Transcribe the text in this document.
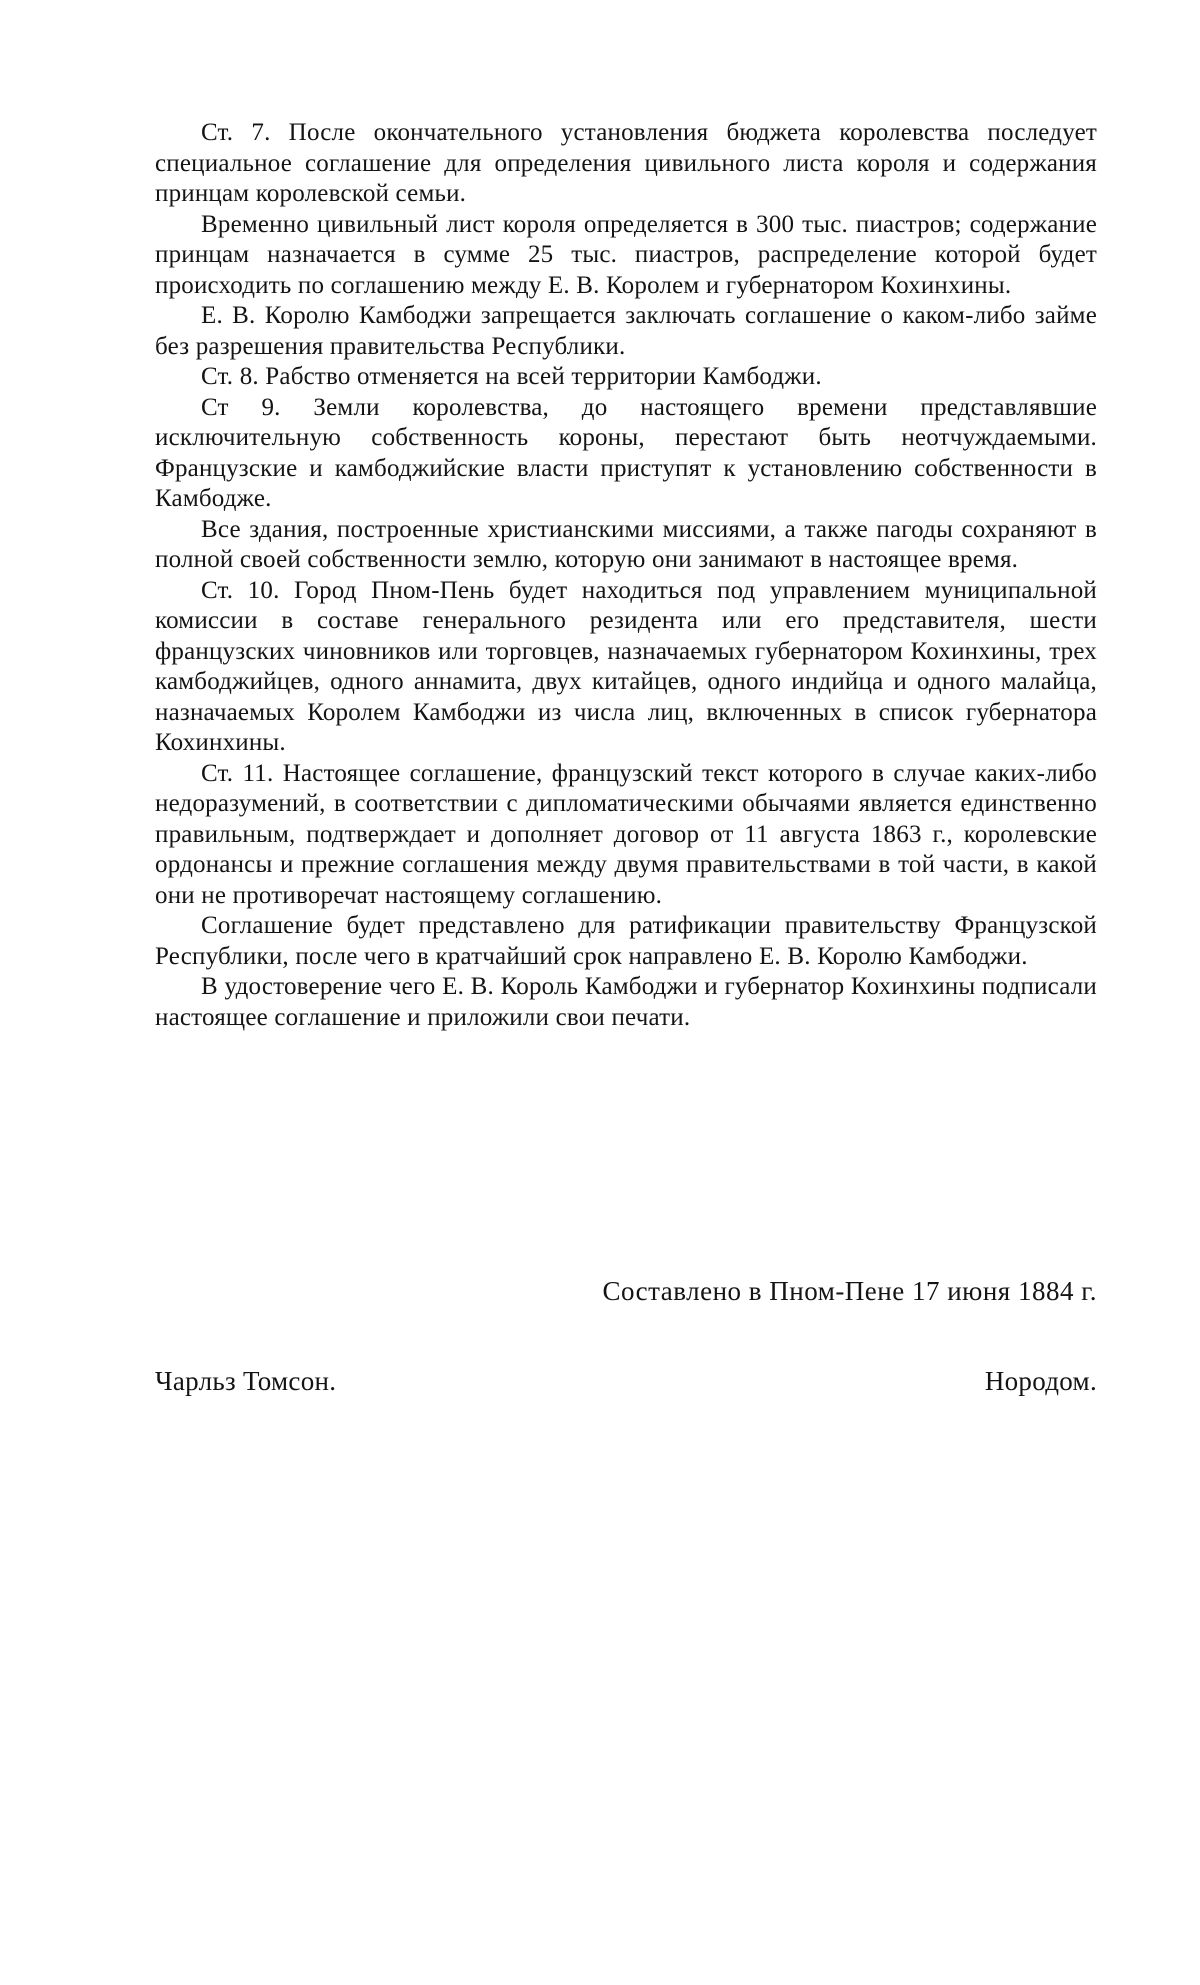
Ст. 7. После окончательного установления бюджета королевства последует специальное соглашение для определения цивильного листа короля и содержания принцам королевской семьи.

Временно цивильный лист короля определяется в 300 тыс. пиастров; содержание принцам назначается в сумме 25 тыс. пиастров, распределение которой будет происходить по соглашению между Е. В. Королем и губернатором Кохинхины.

Е. В. Королю Камбоджи запрещается заключать соглашение о каком-либо займе без разрешения правительства Республики.

Ст. 8. Рабство отменяется на всей территории Камбоджи.

Ст 9. Земли королевства, до настоящего времени представлявшие исключительную собственность короны, перестают быть неотчуждаемыми. Французские и камбоджийские власти приступят к установлению собственности в Камбодже.

Все здания, построенные христианскими миссиями, а также пагоды сохраняют в полной своей собственности землю, которую они занимают в настоящее время.

Ст. 10. Город Пном-Пень будет находиться под управлением муниципальной комиссии в составе генерального резидента или его представителя, шести французских чиновников или торговцев, назначаемых губернатором Кохинхины, трех камбоджийцев, одного аннамита, двух китайцев, одного индийца и одного малайца, назначаемых Королем Камбоджи из числа лиц, включенных в список губернатора Кохинхины.

Ст. 11. Настоящее соглашение, французский текст которого в случае каких-либо недоразумений, в соответствии с дипломатическими обычаями является единственно правильным, подтверждает и дополняет договор от 11 августа 1863 г., королевские ордонансы и прежние соглашения между двумя правительствами в той части, в какой они не противоречат настоящему соглашению.

Соглашение будет представлено для ратификации правительству Французской Республики, после чего в кратчайший срок направлено Е. В. Королю Камбоджи.

В удостоверение чего Е. В. Король Камбоджи и губернатор Кохинхины подписали настоящее соглашение и приложили свои печати.

Составлено в Пном-Пене 17 июня 1884 г.
Чарльз Томсон.	Нородом.
